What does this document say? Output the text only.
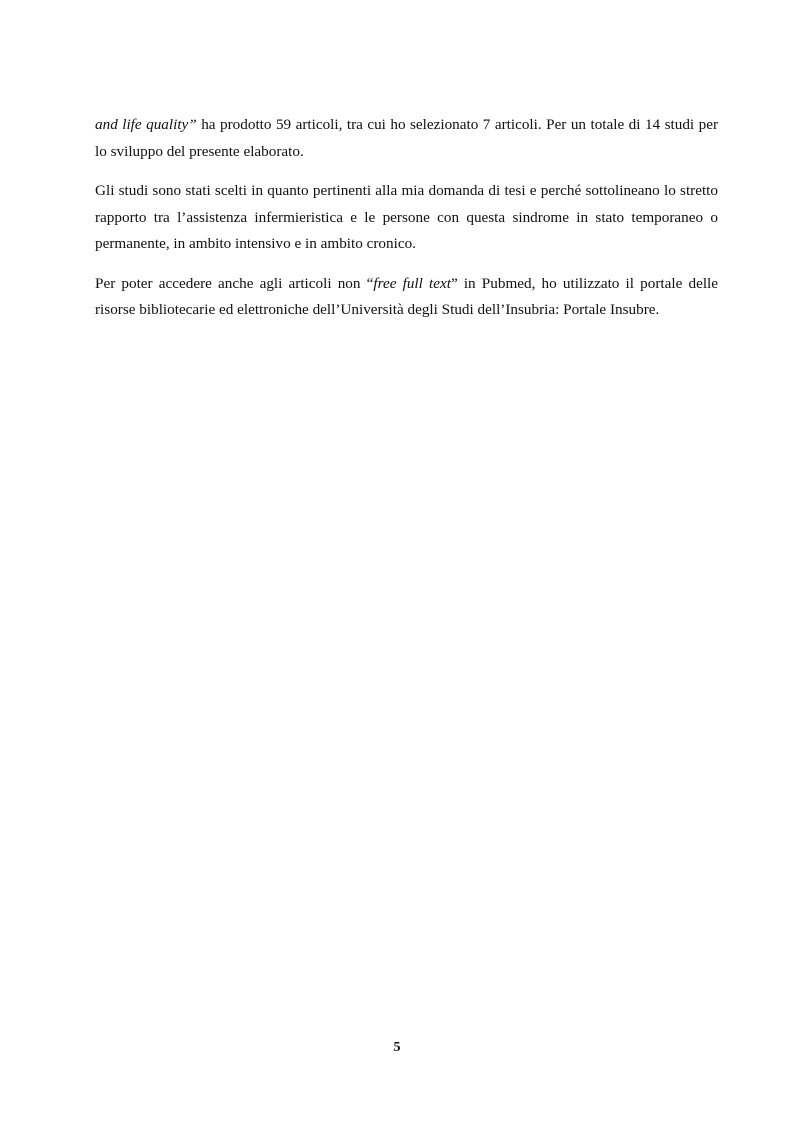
and life quality” ha prodotto 59 articoli, tra cui ho selezionato 7 articoli. Per un totale di 14 studi per lo sviluppo del presente elaborato.

Gli studi sono stati scelti in quanto pertinenti alla mia domanda di tesi e perché sottolineano lo stretto rapporto tra l’assistenza infermieristica e le persone con questa sindrome in stato temporaneo o permanente, in ambito intensivo e in ambito cronico.

Per poter accedere anche agli articoli non “free full text” in Pubmed, ho utilizzato il portale delle risorse bibliotecarie ed elettroniche dell’Università degli Studi dell’Insubria: Portale Insubre.

5
